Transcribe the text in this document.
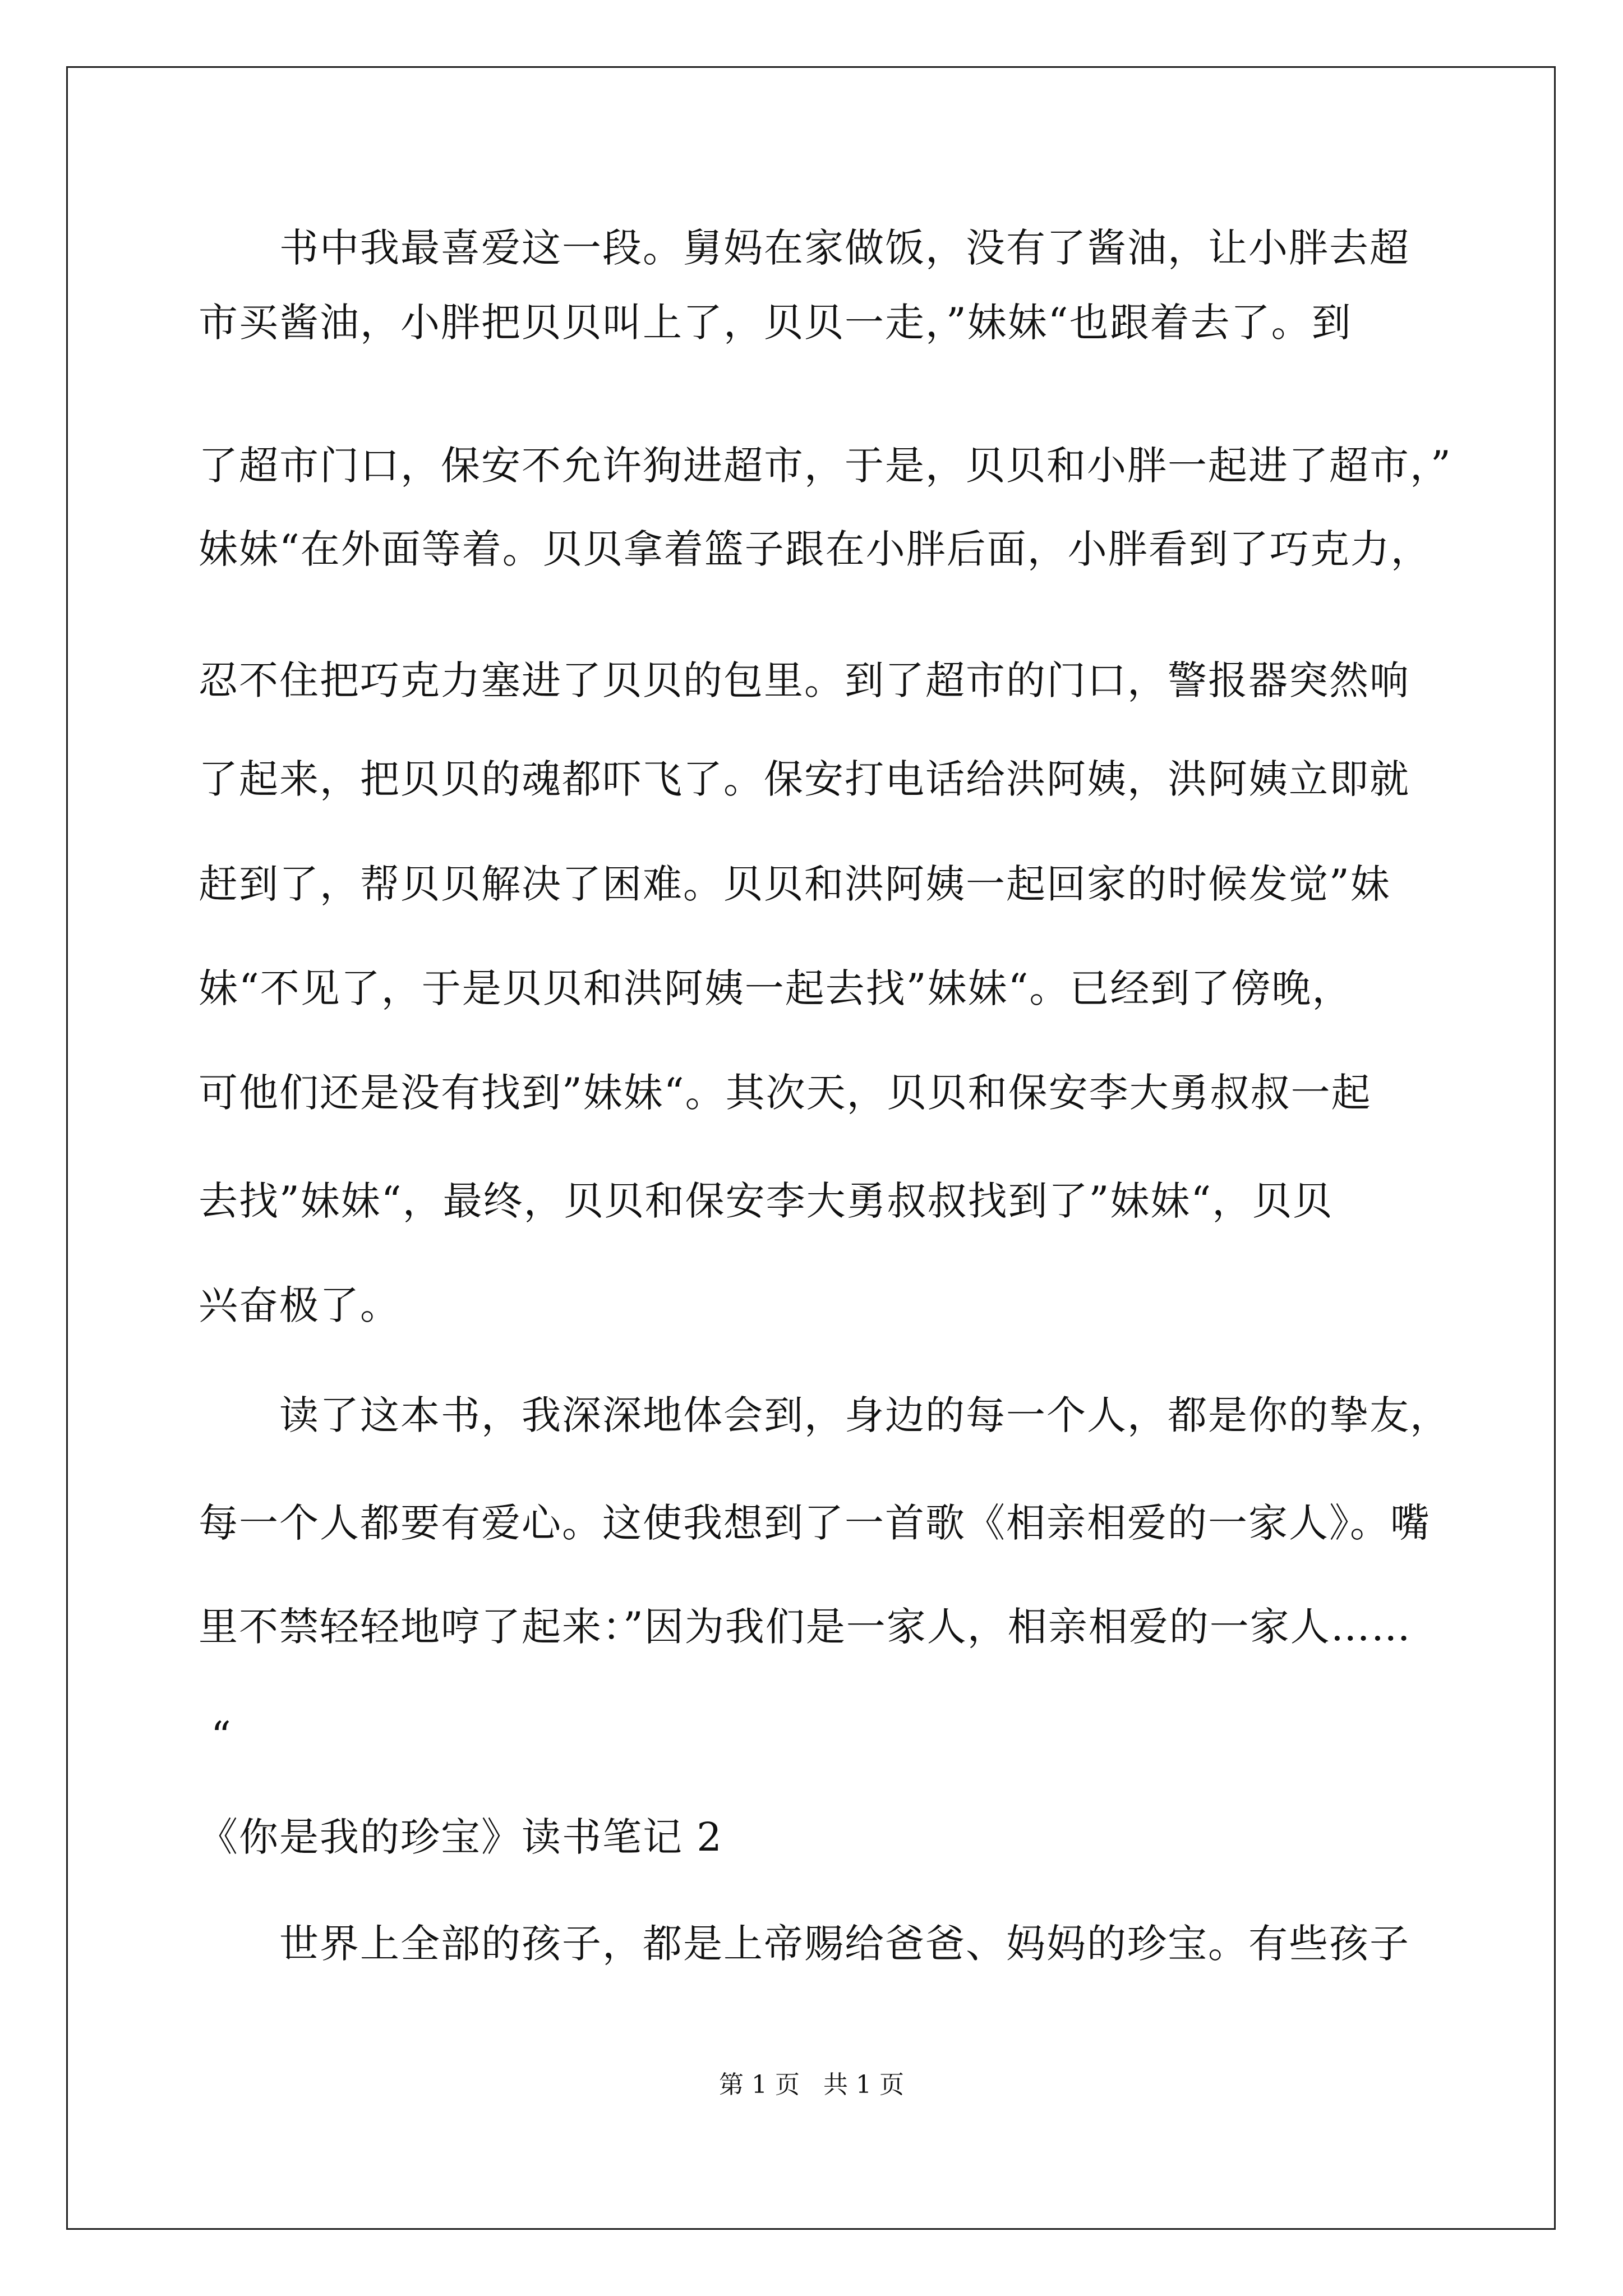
书中我最喜爱这一段。舅妈在家做饭，没有了酱油，让小胖去超
市买酱油，小胖把贝贝叫上了，贝贝一走，”妹妹“也跟着去了。到
了超市门口，保安不允许狗进超市，于是，贝贝和小胖一起进了超市，”
妹妹“在外面等着。贝贝拿着篮子跟在小胖后面，小胖看到了巧克力，
忍不住把巧克力塞进了贝贝的包里。到了超市的门口，警报器突然响
了起来，把贝贝的魂都吓飞了。保安打电话给洪阿姨，洪阿姨立即就
赶到了，帮贝贝解决了困难。贝贝和洪阿姨一起回家的时候发觉”妹
妹“不见了，于是贝贝和洪阿姨一起去找”妹妹“。已经到了傍晚，
可他们还是没有找到”妹妹“。其次天，贝贝和保安李大勇叔叔一起
去找”妹妹“，最终，贝贝和保安李大勇叔叔找到了”妹妹“，贝贝
兴奋极了。
读了这本书，我深深地体会到，身边的每一个人，都是你的挚友，
每一个人都要有爱心。这使我想到了一首歌《相亲相爱的一家人》。嘴
里不禁轻轻地哼了起来：”因为我们是一家人，相亲相爱的一家人……
“
《你是我的珍宝》读书笔记 2
世界上全部的孩子，都是上帝赐给爸爸、妈妈的珍宝。有些孩子
第 1 页   共 1 页
